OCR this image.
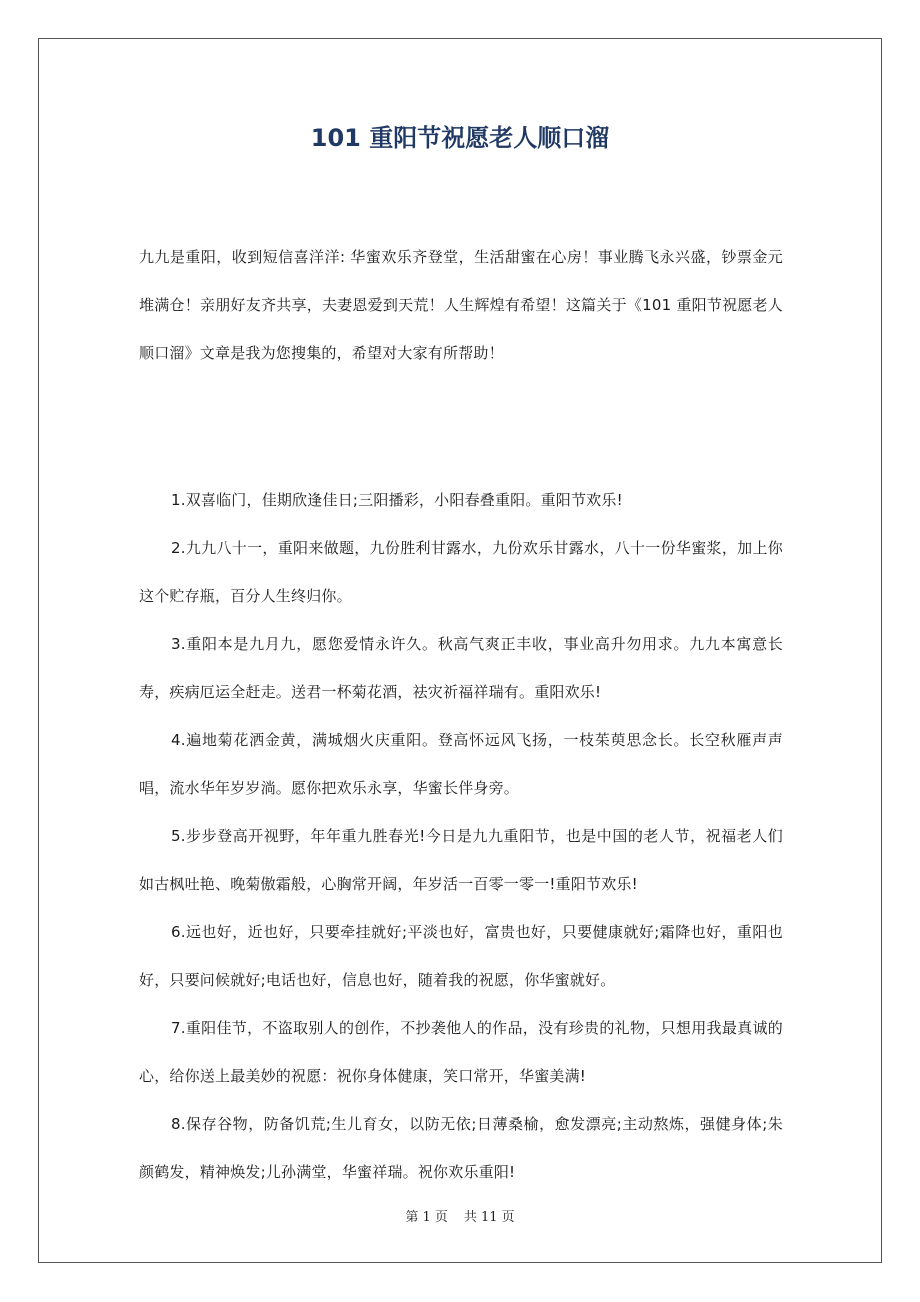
101 重阳节祝愿老人顺口溜

九九是重阳，收到短信喜洋洋: 华蜜欢乐齐登堂，生活甜蜜在心房！事业腾飞永兴盛，钞票金元堆满仓！亲朋好友齐共享，夫妻恩爱到天荒！人生辉煌有希望！这篇关于《101 重阳节祝愿老人顺口溜》文章是我为您搜集的，希望对大家有所帮助！

1.双喜临门，佳期欣逢佳日;三阳播彩，小阳春叠重阳。重阳节欢乐!

2.九九八十一，重阳来做题，九份胜利甘露水，九份欢乐甘露水，八十一份华蜜浆，加上你这个贮存瓶，百分人生终归你。

3.重阳本是九月九，愿您爱情永许久。秋高气爽正丰收，事业高升勿用求。九九本寓意长寿，疾病厄运全赶走。送君一杯菊花酒，祛灾祈福祥瑞有。重阳欢乐!

4.遍地菊花洒金黄，满城烟火庆重阳。登高怀远风飞扬，一枝茱萸思念长。长空秋雁声声唱，流水华年岁岁淌。愿你把欢乐永享，华蜜长伴身旁。

5.步步登高开视野，年年重九胜春光!今日是九九重阳节，也是中国的老人节，祝福老人们如古枫吐艳、晚菊傲霜般，心胸常开阔，年岁活一百零一零一!重阳节欢乐!

6.远也好，近也好，只要牵挂就好;平淡也好，富贵也好，只要健康就好;霜降也好，重阳也好，只要问候就好;电话也好，信息也好，随着我的祝愿，你华蜜就好。

7.重阳佳节，不盗取别人的创作，不抄袭他人的作品，没有珍贵的礼物，只想用我最真诚的心，给你送上最美妙的祝愿：祝你身体健康，笑口常开，华蜜美满!

8.保存谷物，防备饥荒;生儿育女，以防无依;日薄桑榆，愈发漂亮;主动熬炼，强健身体;朱颜鹤发，精神焕发;儿孙满堂，华蜜祥瑞。祝你欢乐重阳!

第 1 页 共 11 页
